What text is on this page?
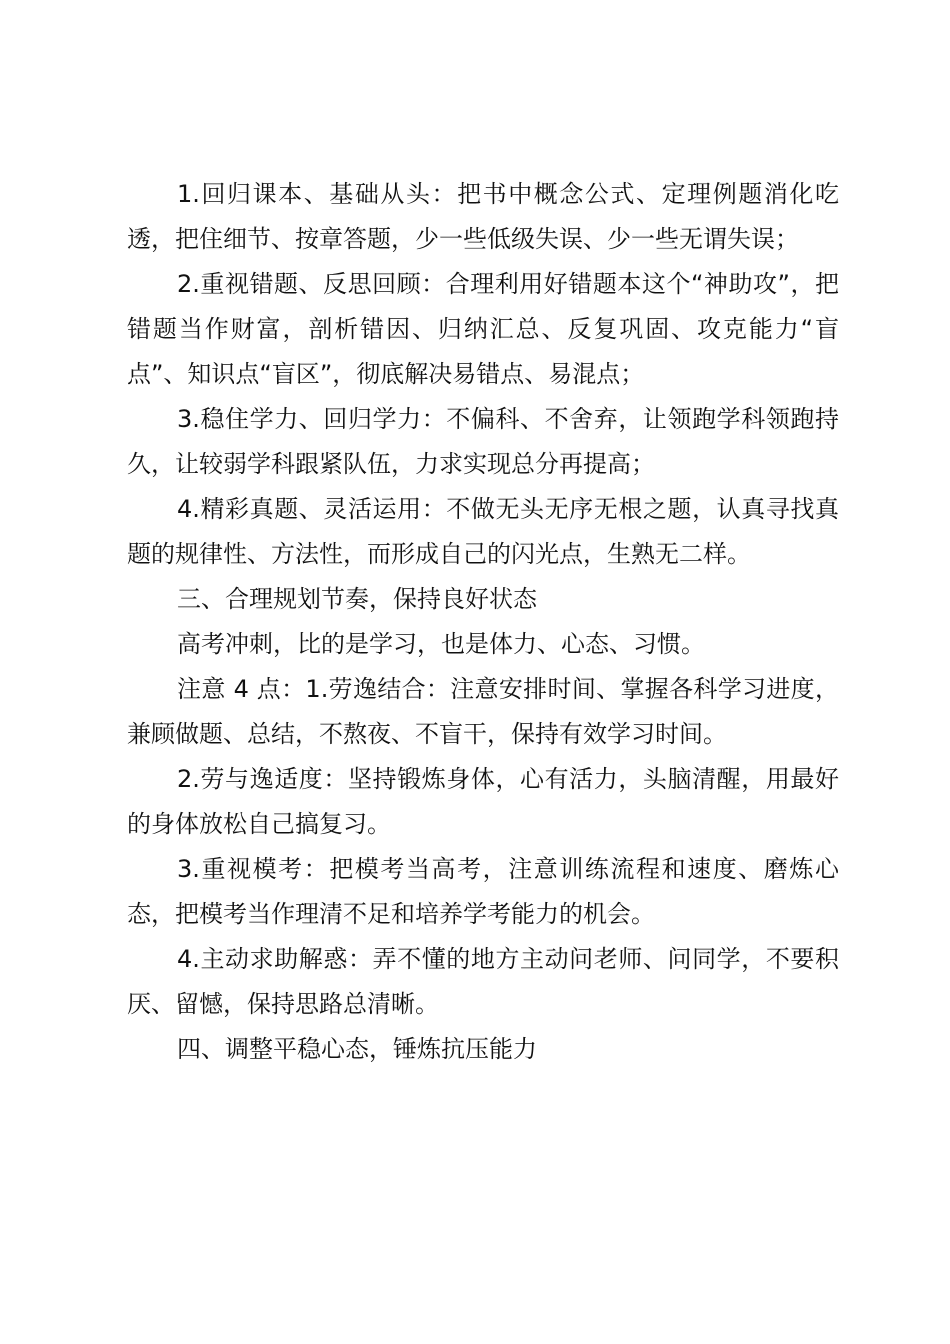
1.回归课本、基础从头：把书中概念公式、定理例题消化吃透，把住细节、按章答题，少一些低级失误、少一些无谓失误；

2.重视错题、反思回顾：合理利用好错题本这个“神助攻”，把错题当作财富，剖析错因、归纳汇总、反复巩固、攻克能力“盲点”、知识点“盲区”，彻底解决易错点、易混点；

3.稳住学力、回归学力：不偏科、不舍弃，让领跑学科领跑持久，让较弱学科跟紧队伍，力求实现总分再提高；

4.精彩真题、灵活运用：不做无头无序无根之题，认真寻找真题的规律性、方法性，而形成自己的闪光点，生熟无二样。

三、合理规划节奏，保持良好状态

高考冲刺，比的是学习，也是体力、心态、习惯。

注意 4 点：1.劳逸结合：注意安排时间、掌握各科学习进度，兼顾做题、总结，不熬夜、不盲干，保持有效学习时间。

2.劳与逸适度：坚持锻炼身体，心有活力，头脑清醒，用最好的身体放松自己搞复习。

3.重视模考：把模考当高考，注意训练流程和速度、磨炼心态，把模考当作理清不足和培养学考能力的机会。

4.主动求助解惑：弄不懂的地方主动问老师、问同学，不要积厌、留憾，保持思路总清晰。

四、调整平稳心态，锤炼抗压能力
